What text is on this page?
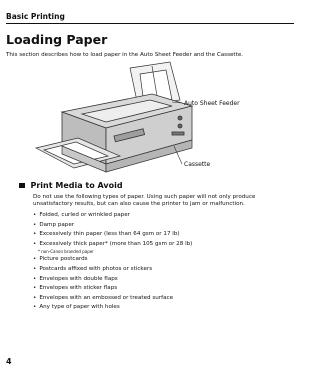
Basic Printing
Loading Paper
This section describes how to load paper in the Auto Sheet Feeder and the Cassette.
Auto Sheet Feeder
Cassette
Print Media to Avoid

Do not use the following types of paper. Using such paper will not only produce
unsatisfactory results, but can also cause the printer to jam or malfunction.

• Folded, curled or wrinkled paper
• Damp paper
• Excessively thin paper (less than 64 gsm or 17 lb)
• Excessively thick paper* (more than 105 gsm or 28 lb)
* non-Canon branded paper
• Picture postcards
• Postcards affixed with photos or stickers
• Envelopes with double flaps
• Envelopes with sticker flaps
• Envelopes with an embossed or treated surface
• Any type of paper with holes
4
